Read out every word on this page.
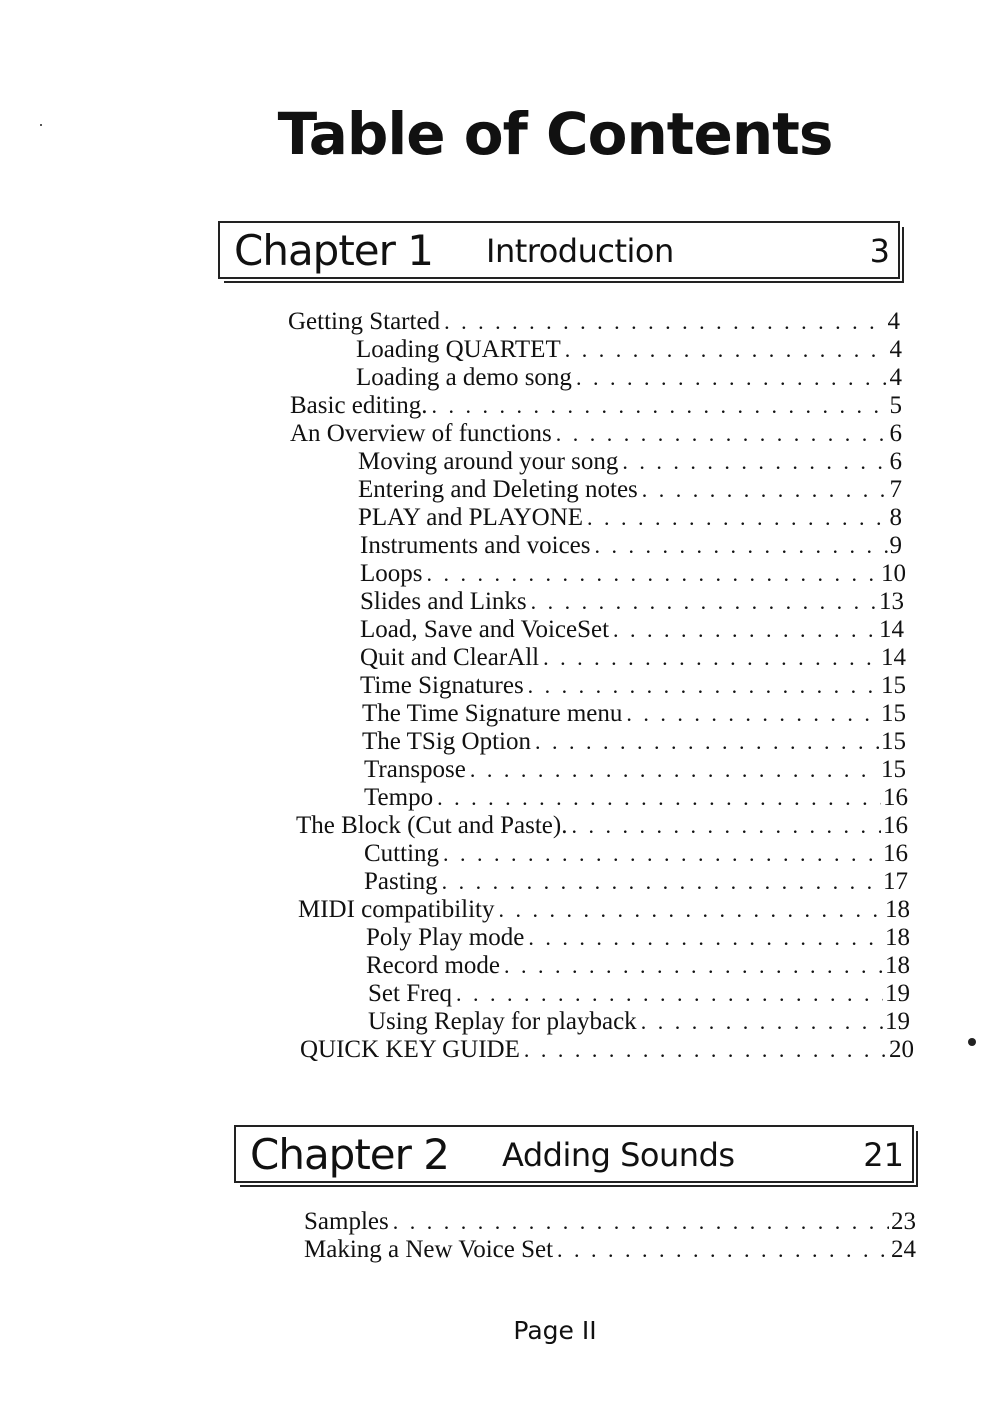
Table of Contents
Chapter 1 Introduction	3
Getting Started . . .	4
Loading QUARTET . . .	4
Loading a demo song . . .	4
Basic editing. . . .	5
An Overview of functions . . .	6
Moving around your song . . .	6
Entering and Deleting notes . . .	7
PLAY and PLAYONE . . .	8
Instruments and voices . . .	9
Loops . . .	10
Slides and Links . . .	13
Load, Save and VoiceSet . . .	14
Quit and ClearAll . . .	14
Time Signatures . . .	15
The Time Signature menu . . .	15
The TSig Option . . .	15
Transpose . . .	15
Tempo . . .	16
The Block (Cut and Paste). . . .	16
Cutting . . .	16
Pasting . . .	17
MIDI compatibility . . .	18
Poly Play mode . . .	18
Record mode . . .	18
Set Freq . . .	19
Using Replay for playback . . .	19
QUICK KEY GUIDE . . .	20
Chapter 2 Adding Sounds	21
Samples . . .	23
Making a New Voice Set . . .	24
Page II
